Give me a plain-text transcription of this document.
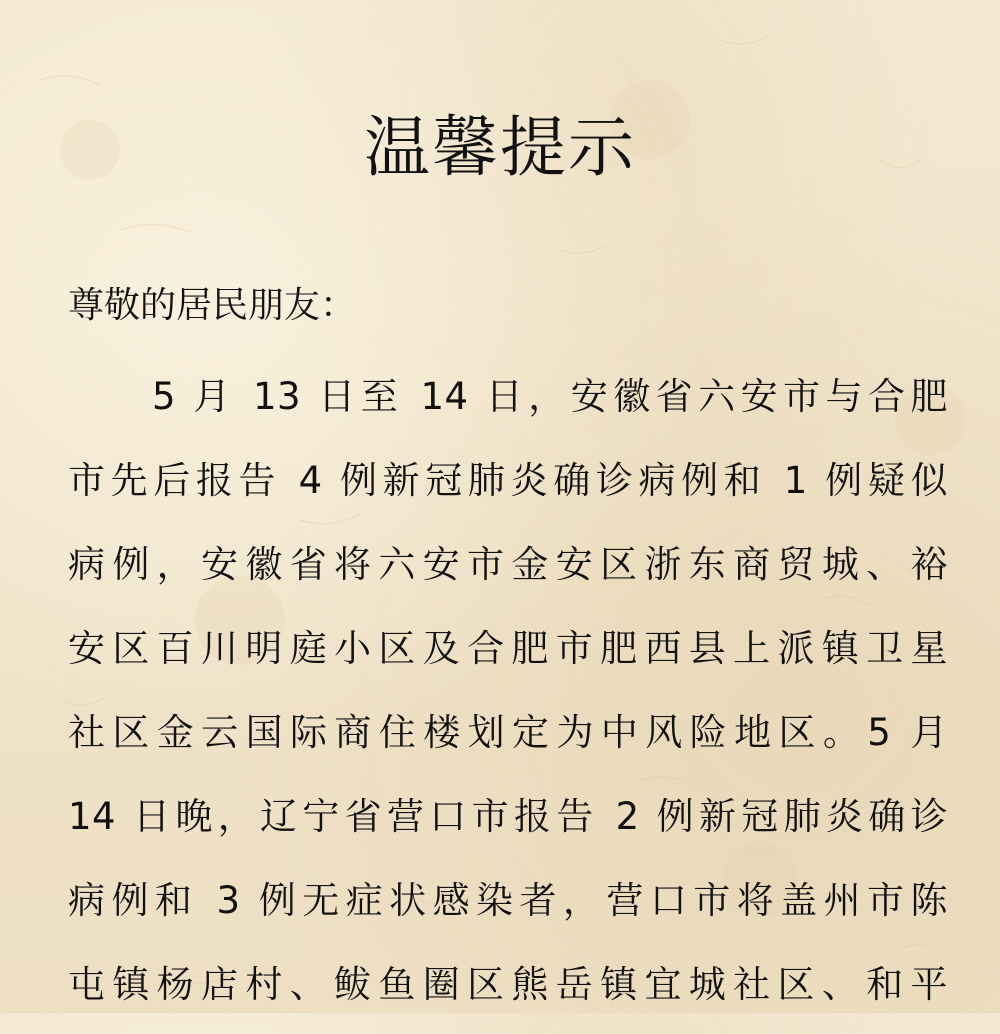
温馨提示

尊敬的居民朋友：

5 月 13 日至 14 日，安徽省六安市与合肥
市先后报告 4 例新冠肺炎确诊病例和 1 例疑似
病例，安徽省将六安市金安区浙东商贸城、裕
安区百川明庭小区及合肥市肥西县上派镇卫星
社区金云国际商住楼划定为中风险地区。5 月
14 日晚，辽宁省营口市报告 2 例新冠肺炎确诊
病例和 3 例无症状感染者，营口市将盖州市陈
屯镇杨店村、鲅鱼圈区熊岳镇宜城社区、和平
